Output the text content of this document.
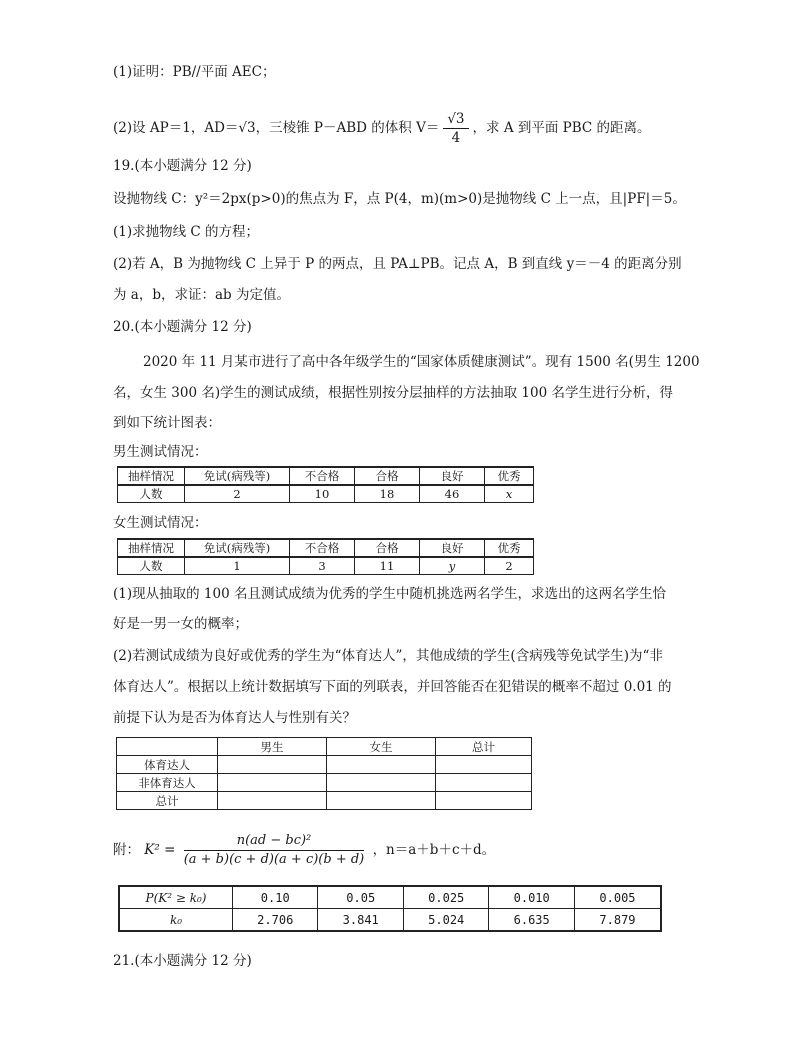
(1)证明：PB//平面 AEC；
(2)设 AP＝1，AD＝√3，三棱锥 P－ABD 的体积 $V= \frac{√3}{4}$ ，求 A 到平面 PBC 的距离。
19.(本小题满分 12 分)
设抛物线 C：y²＝2px(p>0)的焦点为 F，点 P(4，m)(m>0)是抛物线 C 上一点，且|PF|＝5。
(1)求抛物线 C 的方程；
(2)若 A，B 为抛物线 C 上异于 P 的两点，且 PA⊥PB。记点 A，B 到直线 y＝－4 的距离分别
为 a，b，求证：ab 为定值。
20.(本小题满分 12 分)
2020 年 11 月某市进行了高中各年级学生的“国家体质健康测试”。现有 1500 名(男生 1200
名，女生 300 名)学生的测试成绩，根据性别按分层抽样的方法抽取 100 名学生进行分析，得
到如下统计图表：
男生测试情况：
抽样情况	免试(病残等)	不合格	合格	良好	优秀
人数	2	10	18	46	x
女生测试情况：
抽样情况	免试(病残等)	不合格	合格	良好	优秀
人数	1	3	11	y	2
(1)现从抽取的 100 名且测试成绩为优秀的学生中随机挑选两名学生，求选出的这两名学生恰
好是一男一女的概率；
(2)若测试成绩为良好或优秀的学生为“体育达人”，其他成绩的学生(含病残等免试学生)为“非
体育达人”。根据以上统计数据填写下面的列联表，并回答能否在犯错误的概率不超过 0.01 的
前提下认为是否为体育达人与性别有关？
	男生	女生	总计
体育达人			
非体育达人			
总计			
附： $K^2 = \frac{\text{n(ad − bc)²}}{(a + b)(c + d)(a + c)(b + d)}$ ，n＝a＋b＋c＋d。
P(K² ≥ k₀)	0.10	0.05	0.025	0.010	0.005
k₀	2.706	3.841	5.024	6.635	7.879
21.(本小题满分 12 分)
